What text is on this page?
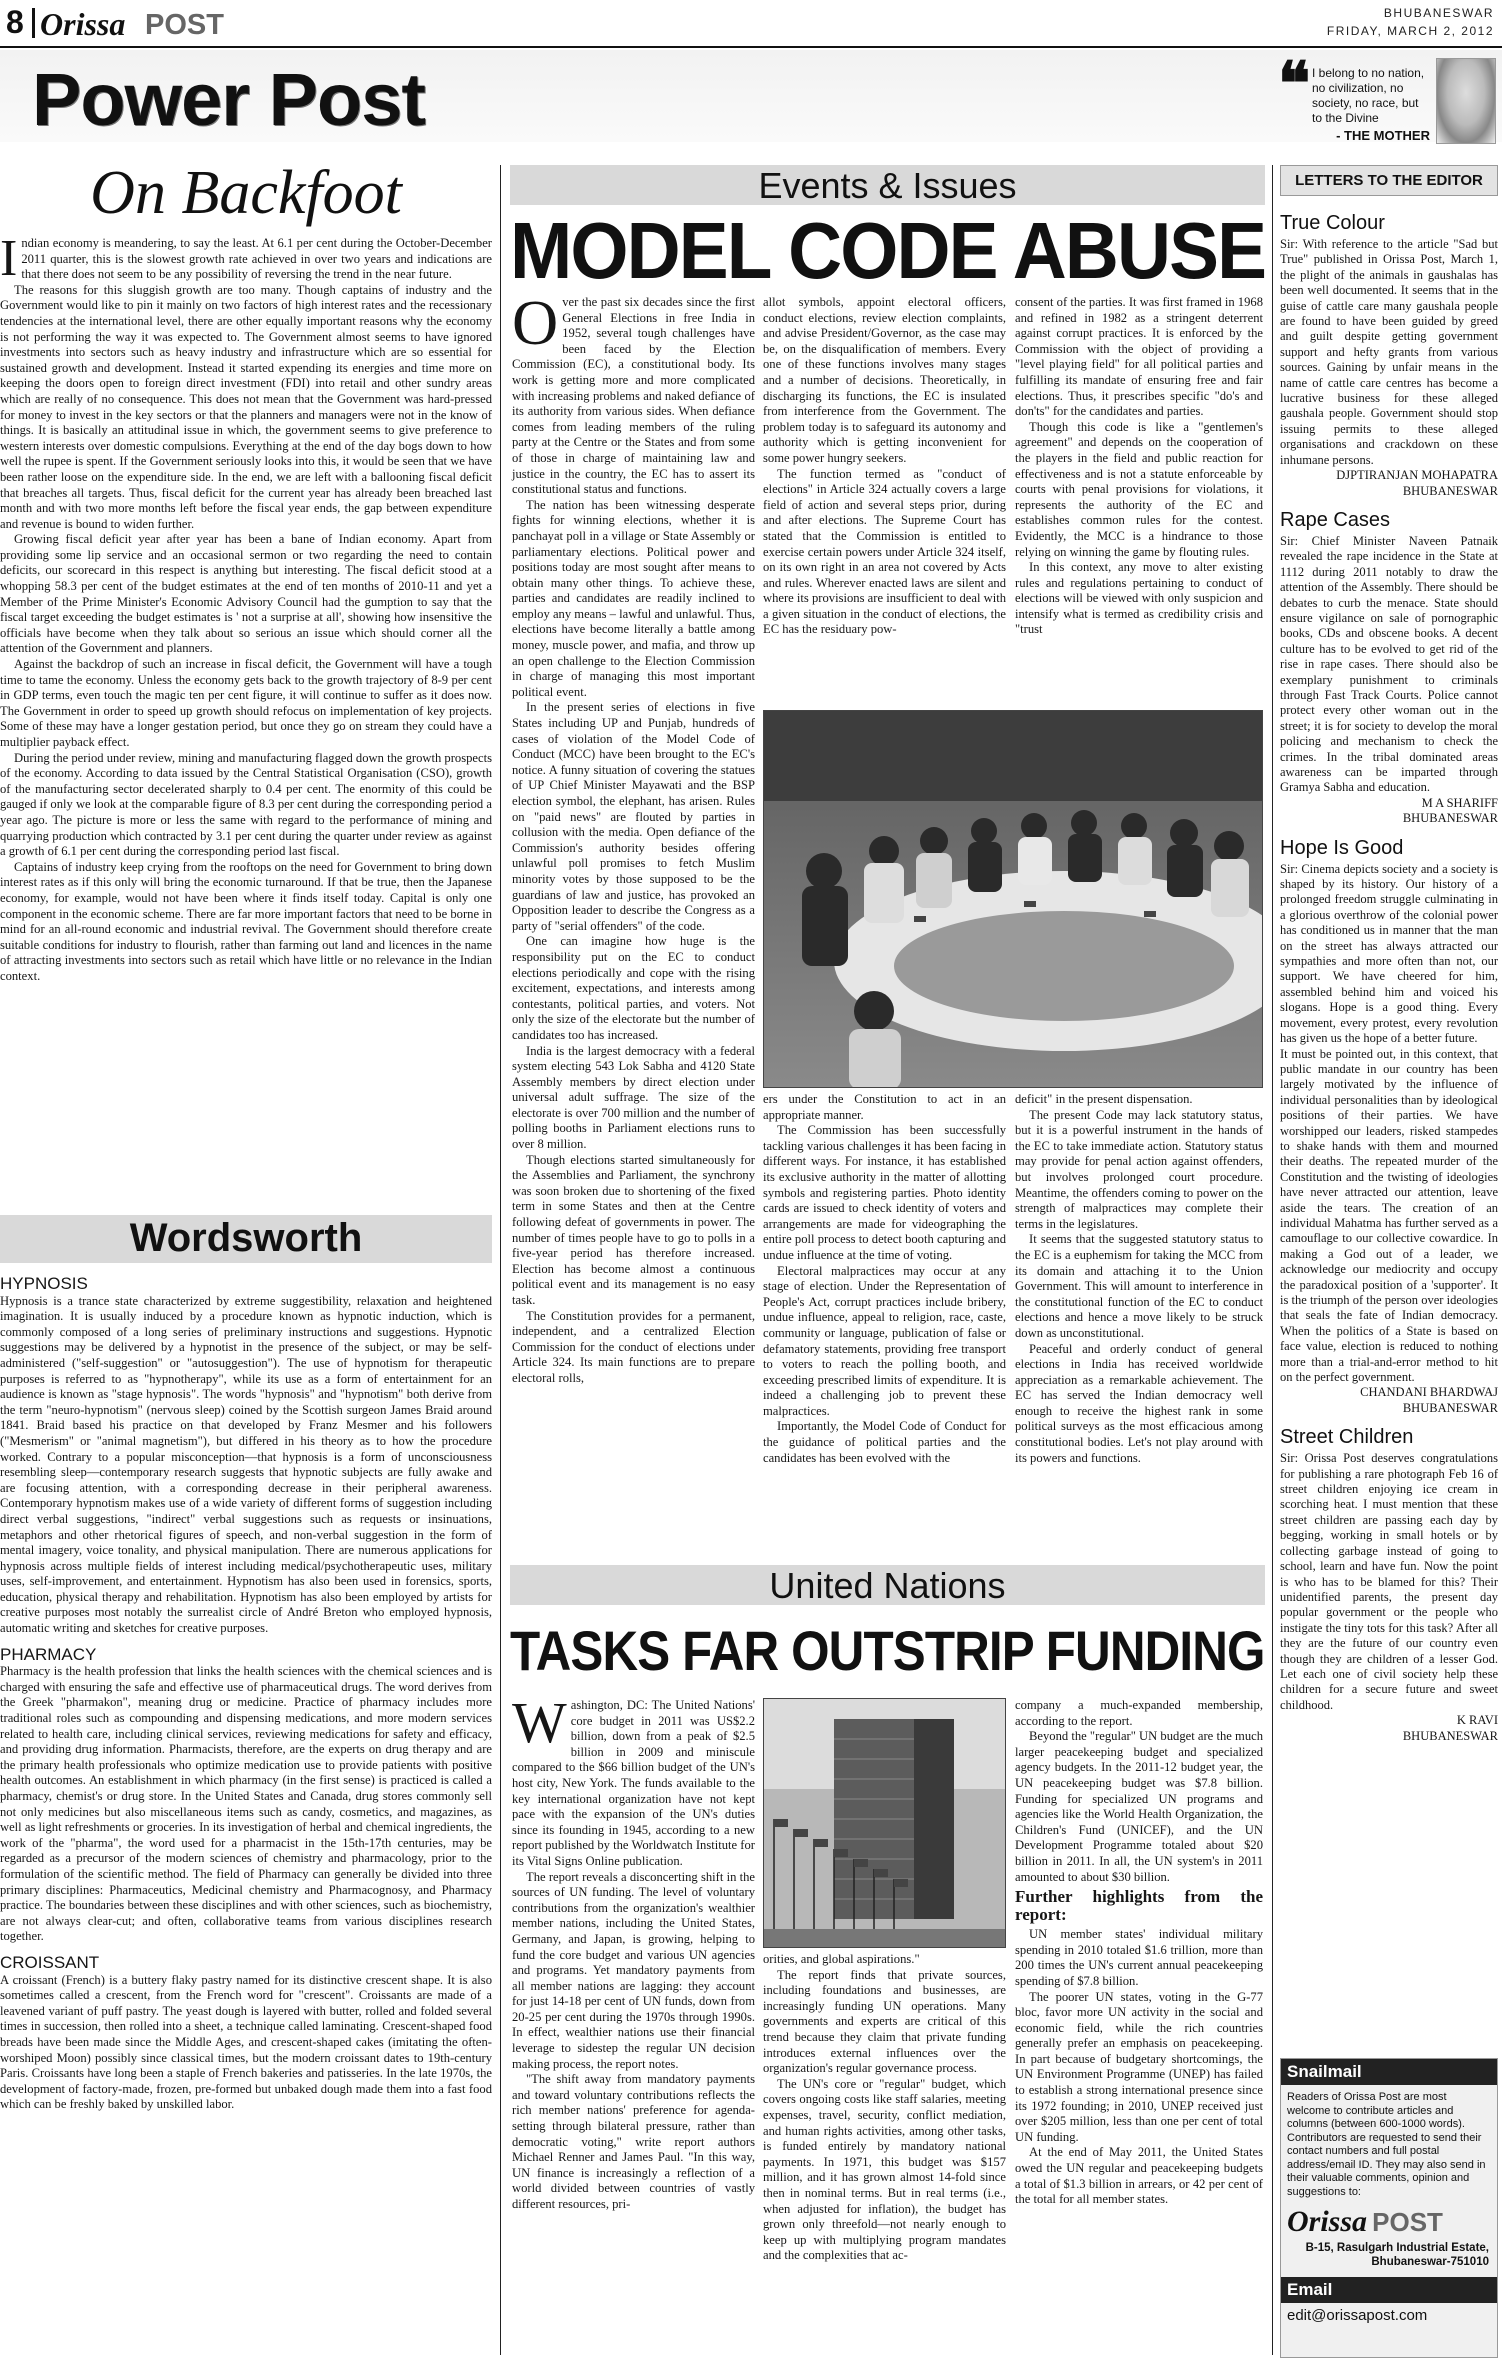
8 Orissa POST	BHUBANESWAR
FRIDAY, MARCH 2, 2012
Power Post	❝ I belong to no nation, no civilization, no society, no race, but to the Divine
- THE MOTHER
On Backfoot

Indian economy is meandering, to say the least. At 6.1 per cent during the October-December 2011 quarter, this is the slowest growth rate achieved in over two years and indications are that there does not seem to be any possibility of reversing the trend in the near future.

The reasons for this sluggish growth are too many. Though captains of industry and the Government would like to pin it mainly on two factors of high interest rates and the recessionary tendencies at the international level, there are other equally important reasons why the economy is not performing the way it was expected to. The Government almost seems to have ignored investments into sectors such as heavy industry and infrastructure which are so essential for sustained growth and development. Instead it started expending its energies and time more on keeping the doors open to foreign direct investment (FDI) into retail and other sundry areas which are really of no consequence. This does not mean that the Government was hard-pressed for money to invest in the key sectors or that the planners and managers were not in the know of things. It is basically an attitudinal issue in which, the government seems to give preference to western interests over domestic compulsions. Everything at the end of the day bogs down to how well the rupee is spent. If the Government seriously looks into this, it would be seen that we have been rather loose on the expenditure side. In the end, we are left with a ballooning fiscal deficit that breaches all targets. Thus, fiscal deficit for the current year has already been breached last month and with two more months left before the fiscal year ends, the gap between expenditure and revenue is bound to widen further.

Growing fiscal deficit year after year has been a bane of Indian economy. Apart from providing some lip service and an occasional sermon or two regarding the need to contain deficits, our scorecard in this respect is anything but interesting. The fiscal deficit stood at a whopping 58.3 per cent of the budget estimates at the end of ten months of 2010-11 and yet a Member of the Prime Minister's Economic Advisory Council had the gumption to say that the fiscal target exceeding the budget estimates is ' not a surprise at all', showing how insensitive the officials have become when they talk about so serious an issue which should corner all the attention of the Government and planners.

Against the backdrop of such an increase in fiscal deficit, the Government will have a tough time to tame the economy. Unless the economy gets back to the growth trajectory of 8-9 per cent in GDP terms, even touch the magic ten per cent figure, it will continue to suffer as it does now. The Government in order to speed up growth should refocus on implementation of key projects. Some of these may have a longer gestation period, but once they go on stream they could have a multiplier payback effect.

During the period under review, mining and manufacturing flagged down the growth prospects of the economy. According to data issued by the Central Statistical Organisation (CSO), growth of the manufacturing sector decelerated sharply to 0.4 per cent. The enormity of this could be gauged if only we look at the comparable figure of 8.3 per cent during the corresponding period a year ago. The picture is more or less the same with regard to the performance of mining and quarrying production which contracted by 3.1 per cent during the quarter under review as against a growth of 6.1 per cent during the corresponding period last fiscal.

Captains of industry keep crying from the rooftops on the need for Government to bring down interest rates as if this only will bring the economic turnaround. If that be true, then the Japanese economy, for example, would not have been where it finds itself today. Capital is only one component in the economic scheme. There are far more important factors that need to be borne in mind for an all-round economic and industrial revival. The Government should therefore create suitable conditions for industry to flourish, rather than farming out land and licences in the name of attracting investments into sectors such as retail which have little or no relevance in the Indian context.

Wordsworth
HYPNOSIS

Hypnosis is a trance state characterized by extreme suggestibility, relaxation and heightened imagination. It is usually induced by a procedure known as hypnotic induction, which is commonly composed of a long series of preliminary instructions and suggestions. Hypnotic suggestions may be delivered by a hypnotist in the presence of the subject, or may be self-administered ("self-suggestion" or "autosuggestion"). The use of hypnotism for therapeutic purposes is referred to as "hypnotherapy", while its use as a form of entertainment for an audience is known as "stage hypnosis". The words "hypnosis" and "hypnotism" both derive from the term "neuro-hypnotism" (nervous sleep) coined by the Scottish surgeon James Braid around 1841. Braid based his practice on that developed by Franz Mesmer and his followers ("Mesmerism" or "animal magnetism"), but differed in his theory as to how the procedure worked. Contrary to a popular misconception—that hypnosis is a form of unconsciousness resembling sleep—contemporary research suggests that hypnotic subjects are fully awake and are focusing attention, with a corresponding decrease in their peripheral awareness. Contemporary hypnotism makes use of a wide variety of different forms of suggestion including direct verbal suggestions, "indirect" verbal suggestions such as requests or insinuations, metaphors and other rhetorical figures of speech, and non-verbal suggestion in the form of mental imagery, voice tonality, and physical manipulation. There are numerous applications for hypnosis across multiple fields of interest including medical/psychotherapeutic uses, military uses, self-improvement, and entertainment. Hypnotism has also been used in forensics, sports, education, physical therapy and rehabilitation. Hypnotism has also been employed by artists for creative purposes most notably the surrealist circle of André Breton who employed hypnosis, automatic writing and sketches for creative purposes.

PHARMACY

Pharmacy is the health profession that links the health sciences with the chemical sciences and is charged with ensuring the safe and effective use of pharmaceutical drugs. The word derives from the Greek "pharmakon", meaning drug or medicine. Practice of pharmacy includes more traditional roles such as compounding and dispensing medications, and more modern services related to health care, including clinical services, reviewing medications for safety and efficacy, and providing drug information. Pharmacists, therefore, are the experts on drug therapy and are the primary health professionals who optimize medication use to provide patients with positive health outcomes. An establishment in which pharmacy (in the first sense) is practiced is called a pharmacy, chemist's or drug store. In the United States and Canada, drug stores commonly sell not only medicines but also miscellaneous items such as candy, cosmetics, and magazines, as well as light refreshments or groceries. In its investigation of herbal and chemical ingredients, the work of the "pharma", the word used for a pharmacist in the 15th-17th centuries, may be regarded as a precursor of the modern sciences of chemistry and pharmacology, prior to the formulation of the scientific method. The field of Pharmacy can generally be divided into three primary disciplines: Pharmaceutics, Medicinal chemistry and Pharmacognosy, and Pharmacy practice. The boundaries between these disciplines and with other sciences, such as biochemistry, are not always clear-cut; and often, collaborative teams from various disciplines research together.

CROISSANT

A croissant (French) is a buttery flaky pastry named for its distinctive crescent shape. It is also sometimes called a crescent, from the French word for "crescent". Croissants are made of a leavened variant of puff pastry. The yeast dough is layered with butter, rolled and folded several times in succession, then rolled into a sheet, a technique called laminating. Crescent-shaped food breads have been made since the Middle Ages, and crescent-shaped cakes (imitating the often-worshiped Moon) possibly since classical times, but the modern croissant dates to 19th-century Paris. Croissants have long been a staple of French bakeries and patisseries. In the late 1970s, the development of factory-made, frozen, pre-formed but unbaked dough made them into a fast food which can be freshly baked by unskilled labor.

Events & Issues
MODEL CODE ABUSE

Over the past six decades since the first General Elections in free India in 1952, several tough challenges have been faced by the Election Commission (EC), a constitutional body. Its work is getting more and more complicated with increasing problems and naked defiance of its authority from various sides. When defiance comes from leading members of the ruling party at the Centre or the States and from some of those in charge of maintaining law and justice in the country, the EC has to assert its constitutional status and functions.

The nation has been witnessing desperate fights for winning elections, whether it is panchayat poll in a village or State Assembly or parliamentary elections. Political power and positions today are most sought after means to obtain many other things. To achieve these, parties and candidates are readily inclined to employ any means – lawful and unlawful. Thus, elections have become literally a battle among money, muscle power, and mafia, and throw up an open challenge to the Election Commission in charge of managing this most important political event.

In the present series of elections in five States including UP and Punjab, hundreds of cases of violation of the Model Code of Conduct (MCC) have been brought to the EC's notice. A funny situation of covering the statues of UP Chief Minister Mayawati and the BSP election symbol, the elephant, has arisen. Rules on "paid news" are flouted by parties in collusion with the media. Open defiance of the Commission's authority besides offering unlawful poll promises to fetch Muslim minority votes by those supposed to be the guardians of law and justice, has provoked an Opposition leader to describe the Congress as a party of "serial offenders" of the code.

One can imagine how huge is the responsibility put on the EC to conduct elections periodically and cope with the rising excitement, expectations, and interests among contestants, political parties, and voters. Not only the size of the electorate but the number of candidates too has increased.

India is the largest democracy with a federal system electing 543 Lok Sabha and 4120 State Assembly members by direct election under universal adult suffrage. The size of the electorate is over 700 million and the number of polling booths in Parliament elections runs to over 8 million.

Though elections started simultaneously for the Assemblies and Parliament, the synchrony was soon broken due to shortening of the fixed term in some States and then at the Centre following defeat of governments in power. The number of times people have to go to polls in a five-year period has therefore increased. Election has become almost a continuous political event and its management is no easy task.

The Constitution provides for a permanent, independent, and a centralized Election Commission for the conduct of elections under Article 324. Its main functions are to prepare electoral rolls,

allot symbols, appoint electoral officers, conduct elections, review election complaints, and advise President/Governor, as the case may be, on the disqualification of members. Every one of these functions involves many stages and a number of decisions. Theoretically, in discharging its functions, the EC is insulated from interference from the Government. The problem today is to safeguard its autonomy and authority which is getting inconvenient for some power hungry seekers.

The function termed as "conduct of elections" in Article 324 actually covers a large field of action and several steps prior, during and after elections. The Supreme Court has stated that the Commission is entitled to exercise certain powers under Article 324 itself, on its own right in an area not covered by Acts and rules. Wherever enacted laws are silent and where its provisions are insufficient to deal with a given situation in the conduct of elections, the EC has the residuary pow-

consent of the parties. It was first framed in 1968 and refined in 1982 as a stringent deterrent against corrupt practices. It is enforced by the Commission with the object of providing a "level playing field" for all political parties and fulfilling its mandate of ensuring free and fair elections. Thus, it prescribes specific "do's and don'ts" for the candidates and parties.

Though this code is like a "gentlemen's agreement" and depends on the cooperation of the players in the field and public reaction for effectiveness and is not a statute enforceable by courts with penal provisions for violations, it represents the authority of the EC and establishes common rules for the contest. Evidently, the MCC is a hindrance to those relying on winning the game by flouting rules.

In this context, any move to alter existing rules and regulations pertaining to conduct of elections will be viewed with only suspicion and intensify what is termed as credibility crisis and "trust

ers under the Constitution to act in an appropriate manner.

The Commission has been successfully tackling various challenges it has been facing in different ways. For instance, it has established its exclusive authority in the matter of allotting symbols and registering parties. Photo identity cards are issued to check identity of voters and arrangements are made for videographing the entire poll process to detect booth capturing and undue influence at the time of voting.

Electoral malpractices may occur at any stage of election. Under the Representation of People's Act, corrupt practices include bribery, undue influence, appeal to religion, race, caste, community or language, publication of false or defamatory statements, providing free transport to voters to reach the polling booth, and exceeding prescribed limits of expenditure. It is indeed a challenging job to prevent these malpractices.

Importantly, the Model Code of Conduct for the guidance of political parties and the candidates has been evolved with the

deficit" in the present dispensation.

The present Code may lack statutory status, but it is a powerful instrument in the hands of the EC to take immediate action. Statutory status may provide for penal action against offenders, but involves prolonged court procedure. Meantime, the offenders coming to power on the strength of malpractices may complete their terms in the legislatures.

It seems that the suggested statutory status to the EC is a euphemism for taking the MCC from its domain and attaching it to the Union Government. This will amount to interference in the constitutional function of the EC to conduct elections and hence a move likely to be struck down as unconstitutional.

Peaceful and orderly conduct of general elections in India has received worldwide appreciation as a remarkable achievement. The EC has served the Indian democracy well enough to receive the highest rank in some political surveys as the most efficacious among constitutional bodies. Let's not play around with its powers and functions.

United Nations
TASKS FAR OUTSTRIP FUNDING

Washington, DC: The United Nations' core budget in 2011 was US$2.2 billion, down from a peak of $2.5 billion in 2009 and miniscule compared to the $66 billion budget of the UN's host city, New York. The funds available to the key international organization have not kept pace with the expansion of the UN's duties since its founding in 1945, according to a new report published by the Worldwatch Institute for its Vital Signs Online publication.

The report reveals a disconcerting shift in the sources of UN funding. The level of voluntary contributions from the organization's wealthier member nations, including the United States, Germany, and Japan, is growing, helping to fund the core budget and various UN agencies and programs. Yet mandatory payments from all member nations are lagging: they account for just 14-18 per cent of UN funds, down from 20-25 per cent during the 1970s through 1990s. In effect, wealthier nations use their financial leverage to sidestep the regular UN decision making process, the report notes.

"The shift away from mandatory payments and toward voluntary contributions reflects the rich member nations' preference for agenda-setting through bilateral pressure, rather than democratic voting," write report authors Michael Renner and James Paul. "In this way, UN finance is increasingly a reflection of a world divided between countries of vastly different resources, pri-

orities, and global aspirations."

The report finds that private sources, including foundations and businesses, are increasingly funding UN operations. Many governments and experts are critical of this trend because they claim that private funding introduces external influences over the organization's regular governance process.

The UN's core or "regular" budget, which covers ongoing costs like staff salaries, meeting expenses, travel, security, conflict mediation, and human rights activities, among other tasks, is funded entirely by mandatory national payments. In 1971, this budget was $157 million, and it has grown almost 14-fold since then in nominal terms. But in real terms (i.e., when adjusted for inflation), the budget has grown only threefold—not nearly enough to keep up with multiplying program mandates and the complexities that ac-

company a much-expanded membership, according to the report.

Beyond the "regular" UN budget are the much larger peacekeeping budget and specialized agency budgets. In the 2011-12 budget year, the UN peacekeeping budget was $7.8 billion. Funding for specialized UN programs and agencies like the World Health Organization, the Children's Fund (UNICEF), and the UN Development Programme totaled about $20 billion in 2011. In all, the UN system's in 2011 amounted to about $30 billion.

Further highlights from the report:

UN member states' individual military spending in 2010 totaled $1.6 trillion, more than 200 times the UN's current annual peacekeeping spending of $7.8 billion.

The poorer UN states, voting in the G-77 bloc, favor more UN activity in the social and economic field, while the rich countries generally prefer an emphasis on peacekeeping. In part because of budgetary shortcomings, the UN Environment Programme (UNEP) has failed to establish a strong international presence since its 1972 founding; in 2010, UNEP received just over $205 million, less than one per cent of total UN funding.

At the end of May 2011, the United States owed the UN regular and peacekeeping budgets a total of $1.3 billion in arrears, or 42 per cent of the total for all member states.

LETTERS TO THE EDITOR
True Colour

Sir: With reference to the article "Sad but True" published in Orissa Post, March 1, the plight of the animals in gaushalas has been well documented. It seems that in the guise of cattle care many gaushala people are found to have been guided by greed and guilt despite getting government support and hefty grants from various sources. Gaining by unfair means in the name of cattle care centres has become a lucrative business for these alleged gaushala people. Government should stop issuing permits to these alleged organisations and crackdown on these inhumane persons.

DJPTIRANJAN MOHAPATRA

BHUBANESWAR

Rape Cases

Sir: Chief Minister Naveen Patnaik revealed the rape incidence in the State at 1112 during 2011 notably to draw the attention of the Assembly. There should be debates to curb the menace. State should ensure vigilance on sale of pornographic books, CDs and obscene books. A decent culture has to be evolved to get rid of the rise in rape cases. There should also be exemplary punishment to criminals through Fast Track Courts. Police cannot protect every other woman out in the street; it is for society to develop the moral policing and mechanism to check the crimes. In the tribal dominated areas awareness can be imparted through Gramya Sabha and education.

M A SHARIFF

BHUBANESWAR

Hope Is Good

Sir: Cinema depicts society and a society is shaped by its history. Our history of a prolonged freedom struggle culminating in a glorious overthrow of the colonial power has conditioned us in manner that the man on the street has always attracted our sympathies and more often than not, our support. We have cheered for him, assembled behind him and voiced his slogans. Hope is a good thing. Every movement, every protest, every revolution has given us the hope of a better future.
It must be pointed out, in this context, that public mandate in our country has been largely motivated by the influence of individual personalities than by ideological positions of their parties. We have worshipped our leaders, risked stampedes to shake hands with them and mourned their deaths. The repeated murder of the Constitution and the twisting of ideologies have never attracted our attention, leave aside the tears. The creation of an individual Mahatma has further served as a camouflage to our collective cowardice. In making a God out of a leader, we acknowledge our mediocrity and occupy the paradoxical position of a 'supporter'. It is the triumph of the person over ideologies that seals the fate of Indian democracy. When the politics of a State is based on face value, election is reduced to nothing more than a trial-and-error method to hit on the perfect government.

CHANDANI BHARDWAJ

BHUBANESWAR

Street Children

Sir: Orissa Post deserves congratulations for publishing a rare photograph Feb 16 of street children enjoying ice cream in scorching heat. I must mention that these street children are passing each day by begging, working in small hotels or by collecting garbage instead of going to school, learn and have fun. Now the point is who has to be blamed for this? Their unidentified parents, the present day popular government or the people who instigate the tiny tots for this task? After all they are the future of our country even though they are children of a lesser God. Let each one of civil society help these children for a secure future and sweet childhood.

K RAVI

BHUBANESWAR

Snailmail
Readers of Orissa Post are most welcome to contribute articles and columns (between 600-1000 words). Contributors are requested to send their contact numbers and full postal address/email ID. They may also send in their valuable comments, opinion and suggestions to:
Orissa POST
B-15, Rasulgarh Industrial Estate,
Bhubaneswar-751010
Email
edit@orissapost.com
